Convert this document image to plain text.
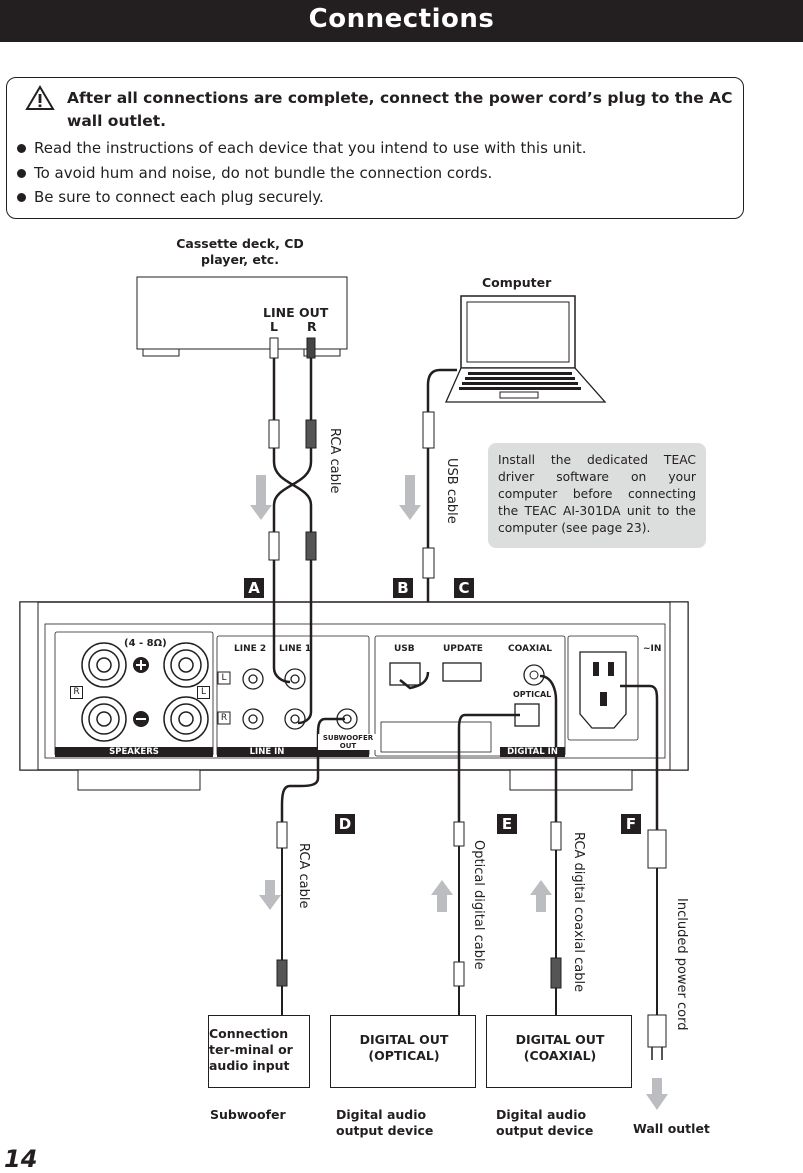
Connections
After all connections are complete, connect the power cord’s plug to the AC wall outlet.
Read the instructions of each device that you intend to use with this unit.
To avoid hum and noise, do not bundle the connection cords.
Be sure to connect each plug securely.
Cassette deck, CD player, etc.
LINE OUT
L R
Computer
RCA cable	USB cable	Install the dedicated TEAC driver software on your computer before connecting the TEAC AI-301DA unit to the computer (see page 23).
A	B	C
D	E	F
(4 - 8Ω)
R	L
SPEAKERS
LINE 2 LINE 1
L
R
LINE IN
SUBWOOFER
OUT
USB	UPDATE	COAXIAL
OPTICAL
DIGITAL IN
~IN
RCA cable	Optical digital cable	RCA digital coaxial cable	Included power cord
Connection ter-minal or audio input
DIGITAL OUT (OPTICAL)
DIGITAL OUT (COAXIAL)
Subwoofer	Digital audio output device
Digital audio output device	Wall outlet
14
